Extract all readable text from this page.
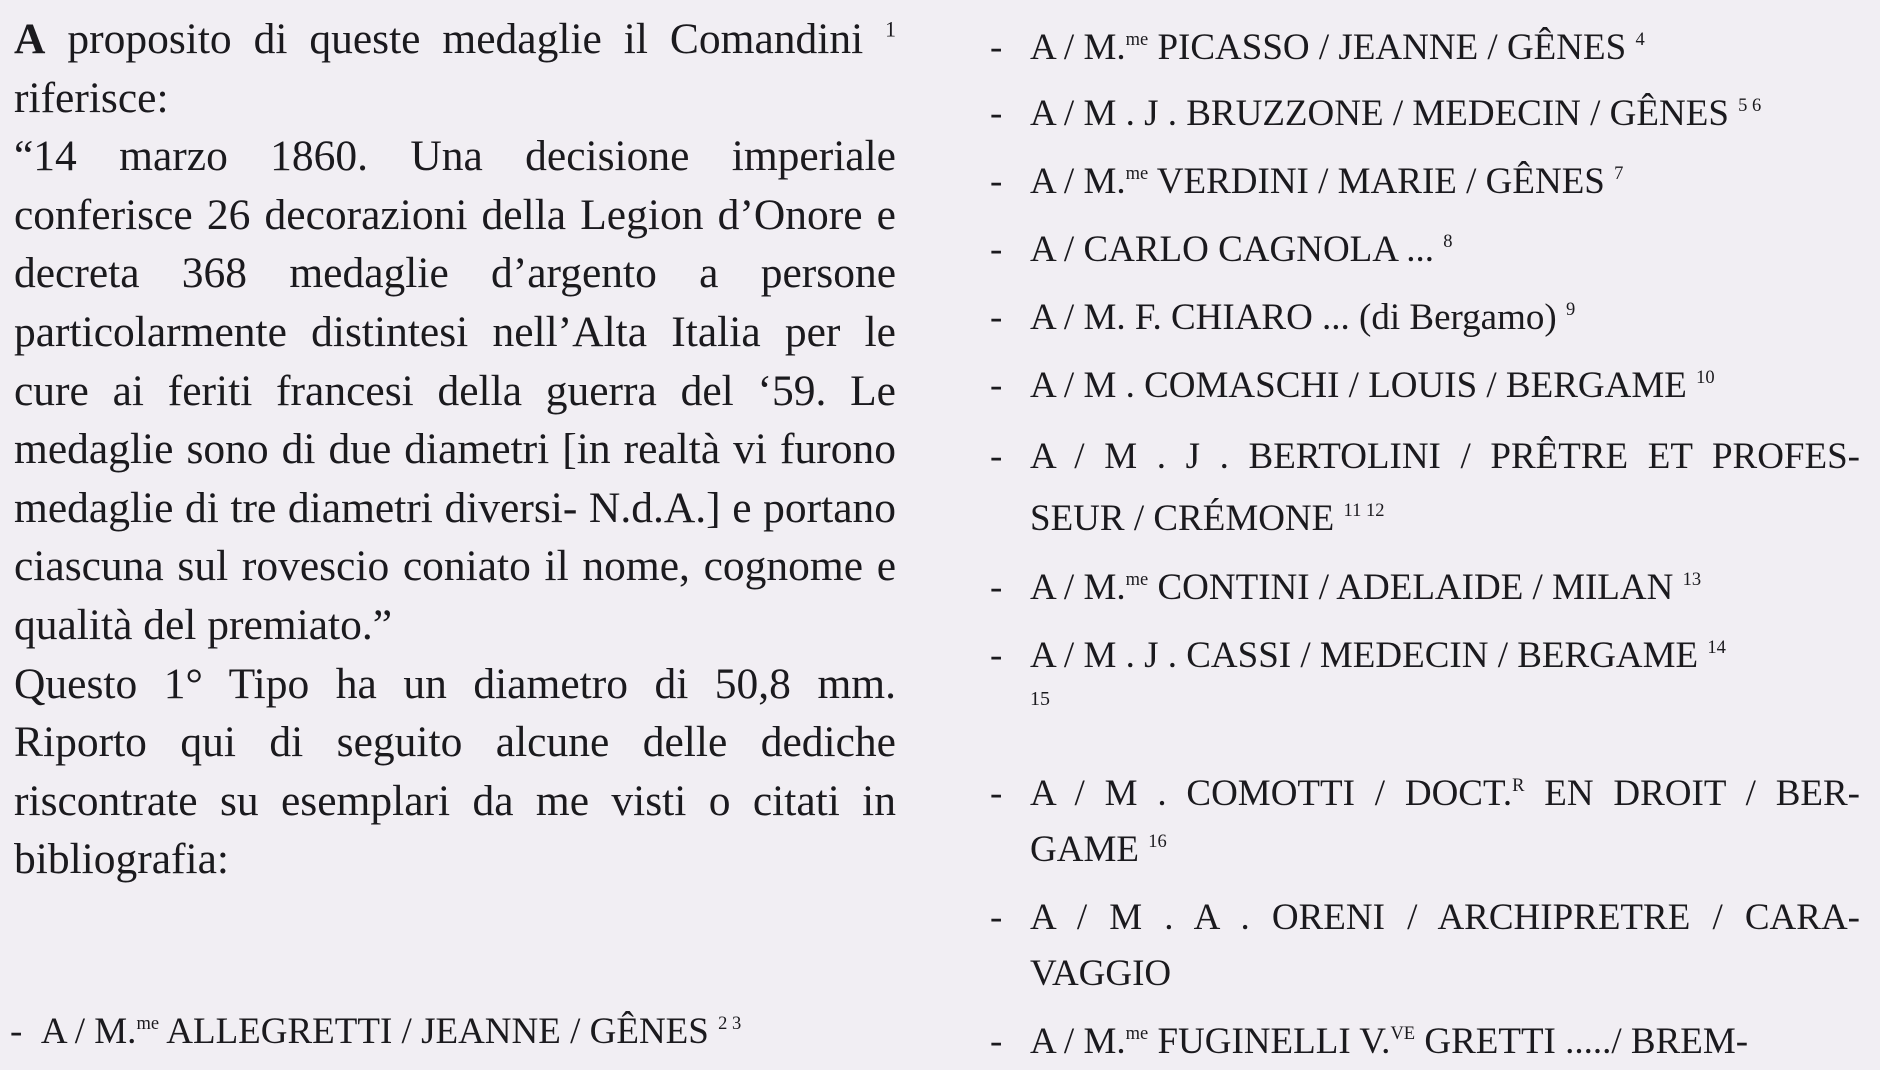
A proposito di queste medaglie il Comandini $^1$ riferisce:

“14 marzo 1860. Una decisione imperiale conferisce 26 decorazioni della Legion d’Onore e decreta 368 medaglie d’argento a persone particolarmente distintesi nell’Alta Italia per le cure ai feriti francesi della guerra del ‘59. Le medaglie sono di due diametri [in realtà vi furono medaglie di tre diametri diversi- N.d.A.] e portano ciascuna sul rovescio coniato il nome, cognome e qualità del premiato.”

Questo 1° Tipo ha un diametro di 50,8 mm. Riporto qui di seguito alcune delle dediche riscontrate su esemplari da me visti o citati in bibliografia:

- A / M.$^{me}$ ALLEGRETTI / JEANNE / GÊNES $^{2 3}$
- A / M.$^{me}$ PICASSO / JEANNE / GÊNES $^4$
- A / M . J . BRUZZONE / MEDECIN / GÊNES $^{5 6}$
- A / M.$^{me}$ VERDINI / MARIE / GÊNES $^7$
- A / CARLO CAGNOLA ... $^8$
- A / M. F. CHIARO ... (di Bergamo) $^9$
- A / M . COMASCHI / LOUIS / BERGAME $^{10}$
- A / M . J . BERTOLINI / PRÊTRE ET PROFES-
SEUR / CRÉMONE $^{11 12}$
- A / M.$^{me}$ CONTINI / ADELAIDE / MILAN $^{13}$
- A / M . J . CASSI / MEDECIN / BERGAME $^{14}$
15
- A / M . COMOTTI / DOCT.$^R$ EN DROIT / BER-
GAME $^{16}$
- A / M . A . ORENI / ARCHIPRETRE / CARA-
VAGGIO
- A / M.$^{me}$ FUGINELLI V.$^{VE}$ GRETTI ...../ BREM-
